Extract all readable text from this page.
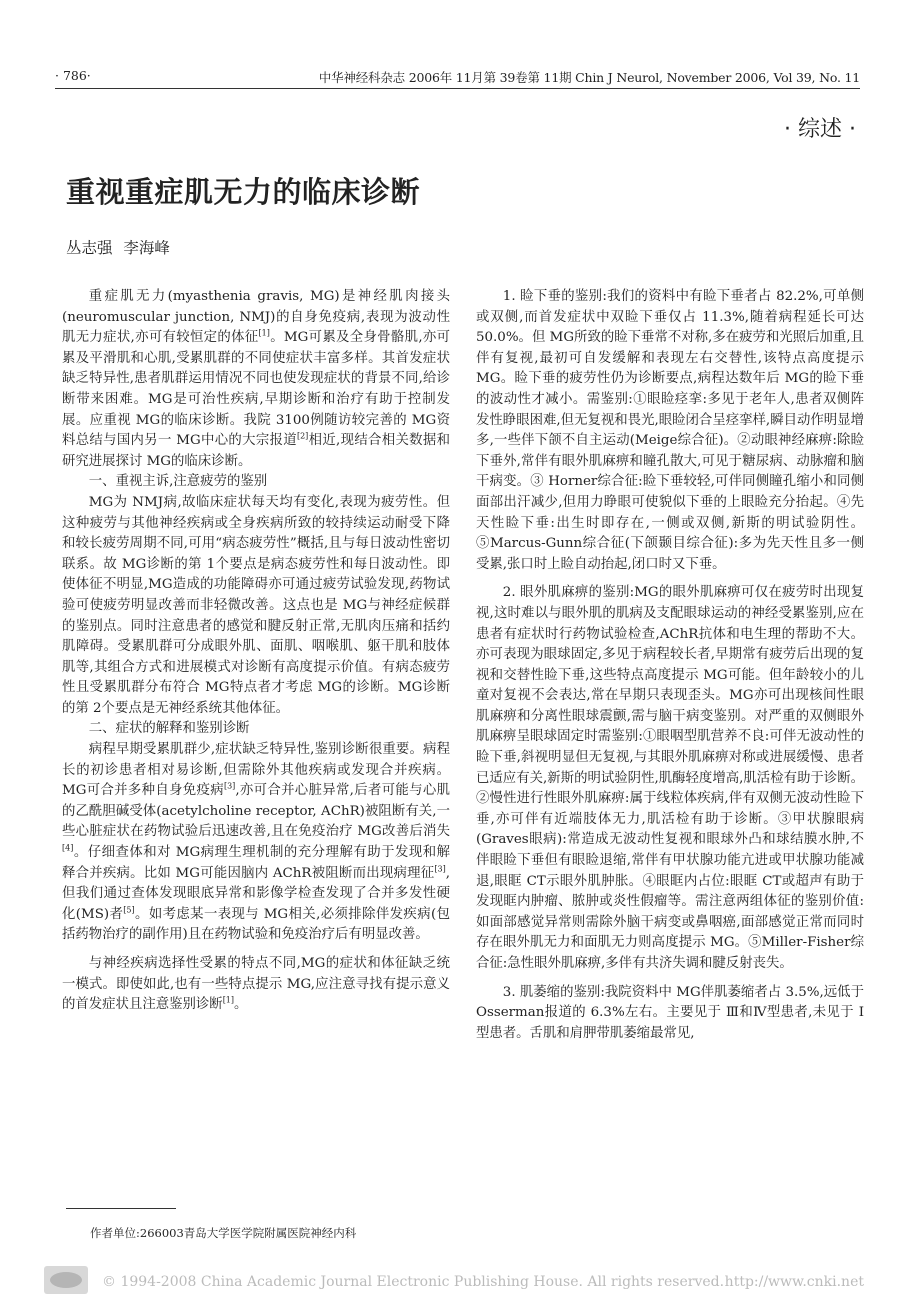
· 786·	中华神经科杂志 2006年 11月第 39卷第 11期 Chin J Neurol, November 2006, Vol 39, No. 11
· 综述 ·
重视重症肌无力的临床诊断
丛志强 李海峰

重症肌无力(myasthenia gravis, MG)是神经肌肉接头(neuromuscular junction, NMJ)的自身免疫病,表现为波动性肌无力症状,亦可有较恒定的体征[1]。MG可累及全身骨骼肌,亦可累及平滑肌和心肌,受累肌群的不同使症状丰富多样。其首发症状缺乏特异性,患者肌群运用情况不同也使发现症状的背景不同,给诊断带来困难。MG是可治性疾病,早期诊断和治疗有助于控制发展。应重视 MG的临床诊断。我院 3100例随访较完善的 MG资料总结与国内另一 MG中心的大宗报道[2]相近,现结合相关数据和研究进展探讨 MG的临床诊断。

一、重视主诉,注意疲劳的鉴别

MG为 NMJ病,故临床症状每天均有变化,表现为疲劳性。但这种疲劳与其他神经疾病或全身疾病所致的较持续运动耐受下降和较长疲劳周期不同,可用“病态疲劳性”概括,且与每日波动性密切联系。故 MG诊断的第 1个要点是病态疲劳性和每日波动性。即使体征不明显,MG造成的功能障碍亦可通过疲劳试验发现,药物试验可使疲劳明显改善而非轻微改善。这点也是 MG与神经症候群的鉴别点。同时注意患者的感觉和腱反射正常,无肌肉压痛和括约肌障碍。受累肌群可分成眼外肌、面肌、咽喉肌、躯干肌和肢体肌等,其组合方式和进展模式对诊断有高度提示价值。有病态疲劳性且受累肌群分布符合 MG特点者才考虑 MG的诊断。MG诊断的第 2个要点是无神经系统其他体征。

二、症状的解释和鉴别诊断

病程早期受累肌群少,症状缺乏特异性,鉴别诊断很重要。病程长的初诊患者相对易诊断,但需除外其他疾病或发现合并疾病。MG可合并多种自身免疫病[3],亦可合并心脏异常,后者可能与心肌的乙酰胆碱受体(acetylcholine receptor, AChR)被阻断有关,一些心脏症状在药物试验后迅速改善,且在免疫治疗 MG改善后消失[4]。仔细查体和对 MG病理生理机制的充分理解有助于发现和解释合并疾病。比如 MG可能因脑内 AChR被阻断而出现病理征[3],但我们通过查体发现眼底异常和影像学检查发现了合并多发性硬化(MS)者[5]。如考虑某一表现与 MG相关,必须排除伴发疾病(包括药物治疗的副作用)且在药物试验和免疫治疗后有明显改善。

与神经疾病选择性受累的特点不同,MG的症状和体征缺乏统一模式。即使如此,也有一些特点提示 MG,应注意寻找有提示意义的首发症状且注意鉴别诊断[1]。

1. 睑下垂的鉴别:我们的资料中有睑下垂者占 82.2%,可单侧或双侧,而首发症状中双睑下垂仅占 11.3%,随着病程延长可达 50.0%。但 MG所致的睑下垂常不对称,多在疲劳和光照后加重,且伴有复视,最初可自发缓解和表现左右交替性,该特点高度提示 MG。睑下垂的疲劳性仍为诊断要点,病程达数年后 MG的睑下垂的波动性才减小。需鉴别:①眼睑痉挛:多见于老年人,患者双侧阵发性睁眼困难,但无复视和畏光,眼睑闭合呈痉挛样,瞬目动作明显增多,一些伴下颌不自主运动(Meige综合征)。②动眼神经麻痹:除睑下垂外,常伴有眼外肌麻痹和瞳孔散大,可见于糖尿病、动脉瘤和脑干病变。③ Horner综合征:睑下垂较轻,可伴同侧瞳孔缩小和同侧面部出汗减少,但用力睁眼可使貌似下垂的上眼睑充分抬起。④先天性睑下垂:出生时即存在,一侧或双侧,新斯的明试验阴性。⑤Marcus-Gunn综合征(下颌颞目综合征):多为先天性且多一侧受累,张口时上睑自动抬起,闭口时又下垂。

2. 眼外肌麻痹的鉴别:MG的眼外肌麻痹可仅在疲劳时出现复视,这时难以与眼外肌的肌病及支配眼球运动的神经受累鉴别,应在患者有症状时行药物试验检查,AChR抗体和电生理的帮助不大。亦可表现为眼球固定,多见于病程较长者,早期常有疲劳后出现的复视和交替性睑下垂,这些特点高度提示 MG可能。但年龄较小的儿童对复视不会表达,常在早期只表现歪头。MG亦可出现核间性眼肌麻痹和分离性眼球震颤,需与脑干病变鉴别。对严重的双侧眼外肌麻痹呈眼球固定时需鉴别:①眼咽型肌营养不良:可伴无波动性的睑下垂,斜视明显但无复视,与其眼外肌麻痹对称或进展缓慢、患者已适应有关,新斯的明试验阴性,肌酶轻度增高,肌活检有助于诊断。②慢性进行性眼外肌麻痹:属于线粒体疾病,伴有双侧无波动性睑下垂,亦可伴有近端肢体无力,肌活检有助于诊断。③甲状腺眼病(Graves眼病):常造成无波动性复视和眼球外凸和球结膜水肿,不伴眼睑下垂但有眼睑退缩,常伴有甲状腺功能亢进或甲状腺功能减退,眼眶 CT示眼外肌肿胀。④眼眶内占位:眼眶 CT或超声有助于发现眶内肿瘤、脓肿或炎性假瘤等。需注意两组体征的鉴别价值:如面部感觉异常则需除外脑干病变或鼻咽癌,面部感觉正常而同时存在眼外肌无力和面肌无力则高度提示 MG。⑤Miller-Fisher综合征:急性眼外肌麻痹,多伴有共济失调和腱反射丧失。

3. 肌萎缩的鉴别:我院资料中 MG伴肌萎缩者占 3.5%,远低于 Osserman报道的 6.3%左右。主要见于 Ⅲ和Ⅳ型患者,未见于 Ⅰ型患者。舌肌和肩胛带肌萎缩最常见,

作者单位:266003青岛大学医学院附属医院神经内科
© 1994-2008 China Academic Journal Electronic Publishing House. All rights reserved. http://www.cnki.net
